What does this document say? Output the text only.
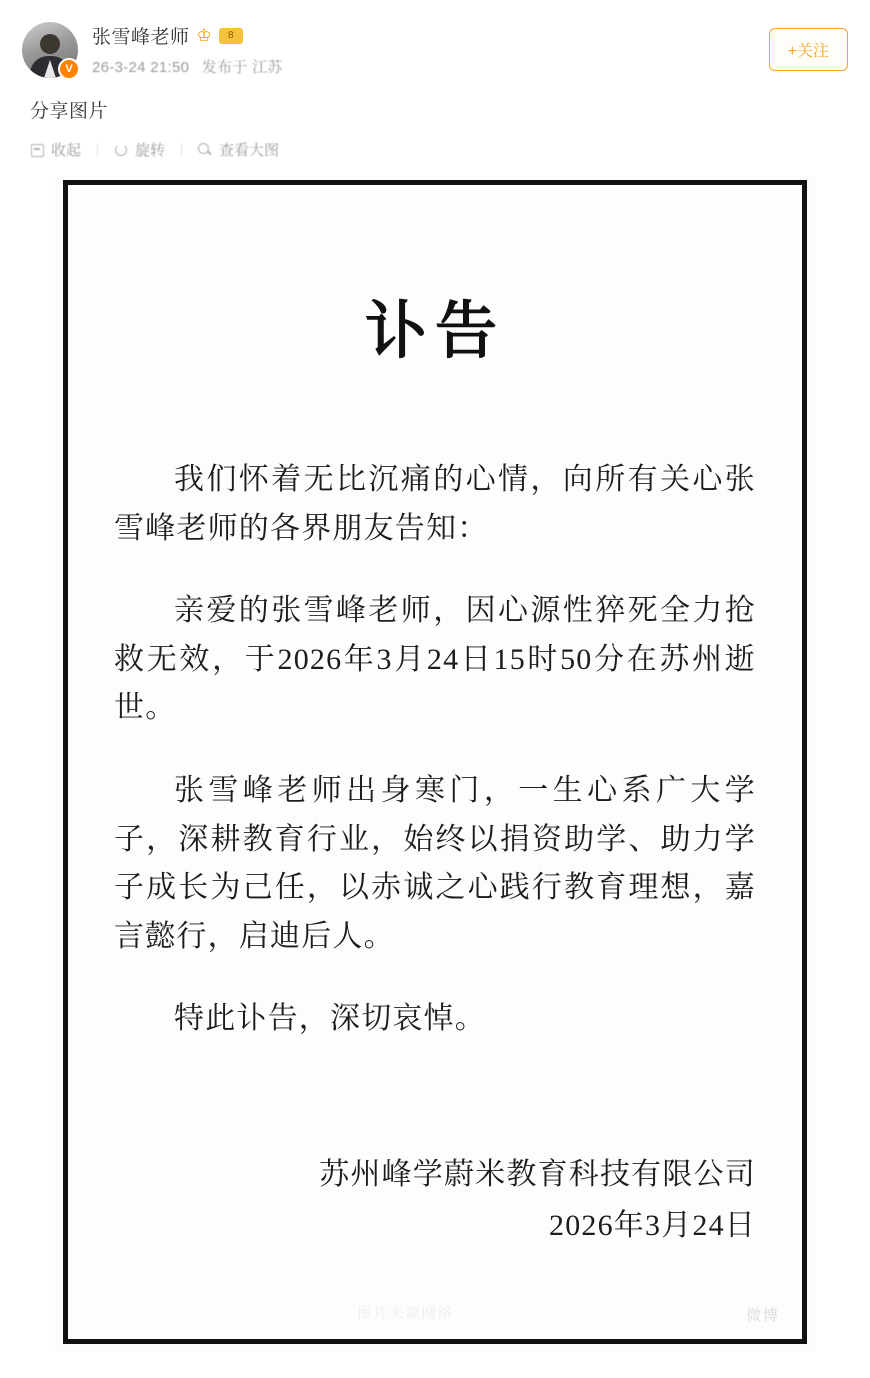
V
张雪峰老师 ♔	8
26-3-24 21:50 发布于 江苏
+关注
分享图片
收起	旋转	查看大图
讣告

我们怀着无比沉痛的心情，向所有关心张雪峰老师的各界朋友告知：

亲爱的张雪峰老师，因心源性猝死全力抢救无效，于2026年3月24日15时50分在苏州逝世。

张雪峰老师出身寒门，一生心系广大学子，深耕教育行业，始终以捐资助学、助力学子成长为己任，以赤诚之心践行教育理想，嘉言懿行，启迪后人。

特此讣告，深切哀悼。

苏州峰学蔚米教育科技有限公司
2026年3月24日
图片来源网络	微博
